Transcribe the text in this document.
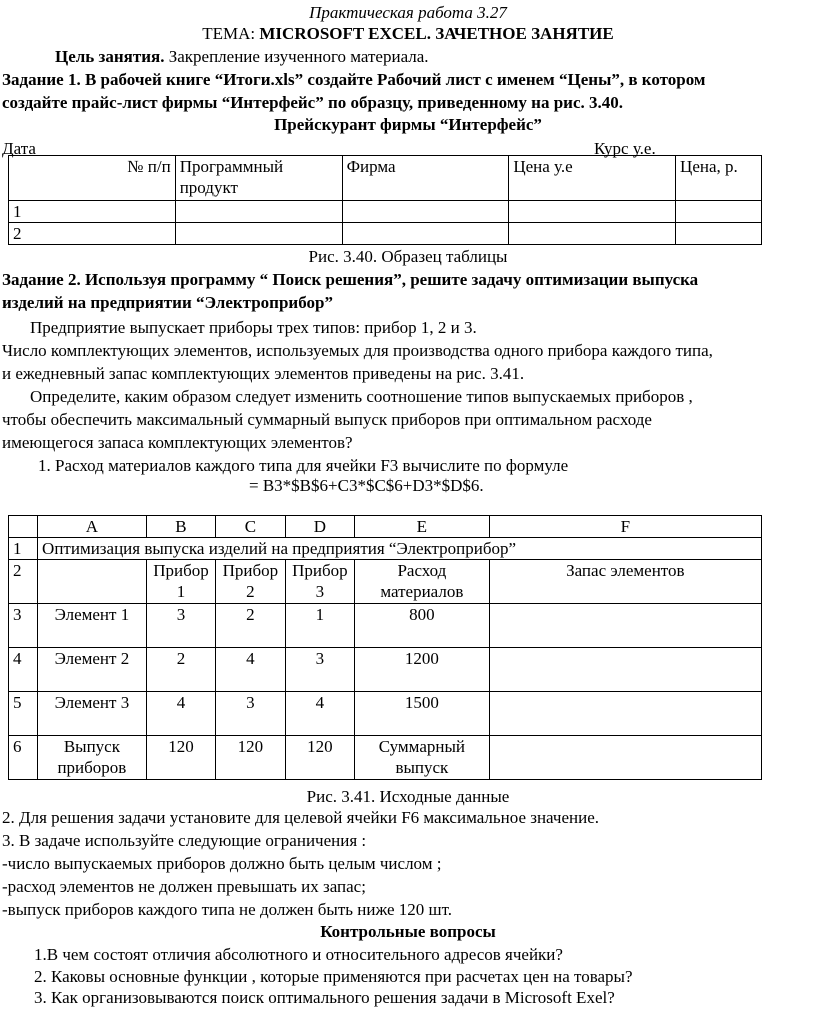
Практическая работа 3.27
ТЕМА: MICROSOFT EXCEL. ЗАЧЕТНОЕ ЗАНЯТИЕ
Цель занятия. Закрепление изученного материала.
Задание 1. В рабочей книге “Итоги.xls” создайте Рабочий лист с именем “Цены”, в котором
создайте прайс-лист фирмы “Интерфейс” по образцу, приведенному на рис. 3.40.
Прейскурант фирмы “Интерфейс”
Дата___________	Курс у.е.___________
№ п/п	Программный продукт	Фирма	Цена у.е	Цена, р.
1				
2				
Рис. 3.40. Образец таблицы
Задание 2. Используя программу “ Поиск решения”, решите задачу оптимизации выпуска
изделий на предприятии “Электроприбор”
Предприятие выпускает приборы трех типов: прибор 1, 2 и 3.
Число комплектующих элементов, используемых для производства одного прибора каждого типа,
и ежедневный запас комплектующих элементов приведены на рис. 3.41.
Определите, каким образом следует изменить соотношение типов выпускаемых приборов ,
чтобы обеспечить максимальный суммарный выпуск приборов при оптимальном расходе
имеющегося запаса комплектующих элементов?
1. Расход материалов каждого типа для ячейки F3 вычислите по формуле
= B3*$B$6+C3*$C$6+D3*$D$6.
	A	B	C	D	E	F
1	Оптимизация выпуска изделий на предприятия “Электроприбор”					
2		Прибор 1	Прибор 2	Прибор 3	Расход материалов	Запас элементов
3	Элемент 1	3	2	1	800	
4	Элемент 2	2	4	3	1200	
5	Элемент 3	4	3	4	1500	
6	Выпуск приборов	120	120	120	Суммарный выпуск	
Рис. 3.41. Исходные данные
2. Для решения задачи установите для целевой ячейки F6 максимальное значение.
3. В задаче используйте следующие ограничения :
-число выпускаемых приборов должно быть целым числом ;
-расход элементов не должен превышать их запас;
-выпуск приборов каждого типа не должен быть ниже 120 шт.
Контрольные вопросы
1.В чем состоят отличия абсолютного и относительного адресов ячейки?
2. Каковы основные функции , которые применяются при расчетах цен на товары?
3. Как организовываются поиск оптимального решения задачи в Microsoft Exel?
